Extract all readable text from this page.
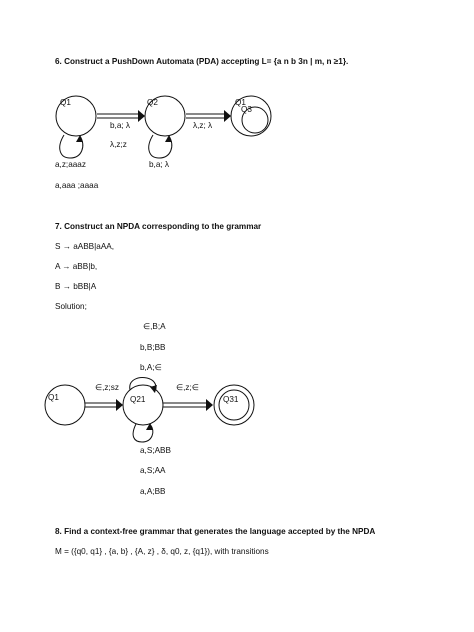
6. Construct a PushDown Automata (PDA) accepting L= {a n b 3n | m, n ≥1}.
Q1	Q2	Q1
Q3
b,a; λ	λ,z; λ
λ,z;z
a,z;aaaz	b,a; λ
a,aaa ;aaaa
7. Construct an NPDA corresponding to the grammar
S → aABB|aAA,
A → aBB|b,
B → bBB|A
Solution;
∈,B;A
b,B;BB
b,A;∈
∈,z;sz	∈,z;∈
Q1	Q21	Q31
a,S;ABB
a,S;AA
a,A;BB
8. Find a context-free grammar that generates the language accepted by the NPDA
M = ({q0, q1} , {a, b} , {A, z} , δ, q0, z, {q1}), with transitions
